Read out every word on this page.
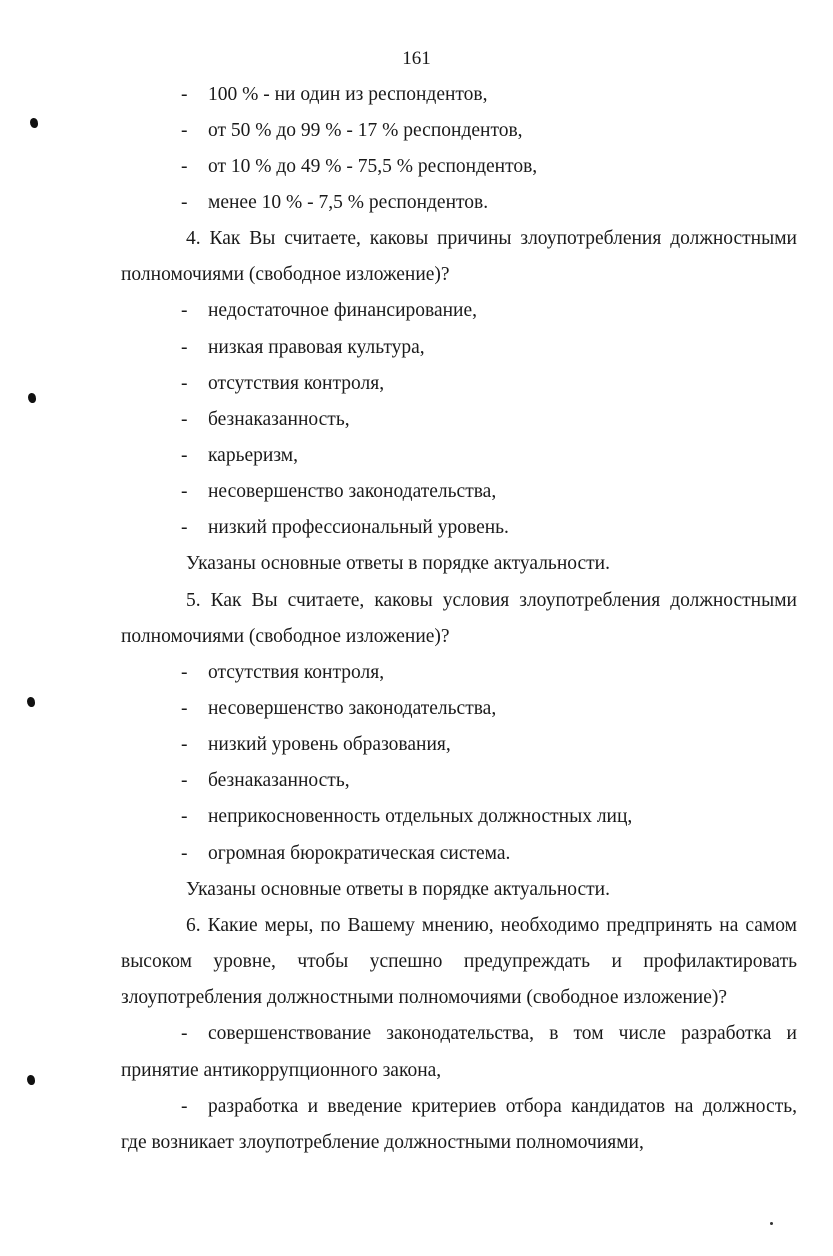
161
- 100 % - ни один из респондентов,
- от 50 % до 99 % - 17 % респондентов,
- от 10 % до 49 % - 75,5 % респондентов,
- менее 10 % - 7,5 % респондентов.
4. Как Вы считаете, каковы причины злоупотребления должностными
полномочиями (свободное изложение)?
- недостаточное финансирование,
- низкая правовая культура,
- отсутствия контроля,
- безнаказанность,
- карьеризм,
- несовершенство законодательства,
- низкий профессиональный уровень.
Указаны основные ответы в порядке актуальности.
5. Как Вы считаете, каковы условия злоупотребления должностными
полномочиями (свободное изложение)?
- отсутствия контроля,
- несовершенство законодательства,
- низкий уровень образования,
- безнаказанность,
- неприкосновенность отдельных должностных лиц,
- огромная бюрократическая система.
Указаны основные ответы в порядке актуальности.
6. Какие меры, по Вашему мнению, необходимо предпринять на самом
высоком уровне, чтобы успешно предупреждать и профилактировать
злоупотребления должностными полномочиями (свободное изложение)?
- совершенствование законодательства, в том числе разработка и
принятие антикоррупционного закона,
- разработка и введение критериев отбора кандидатов на должность,
где возникает злоупотребление должностными полномочиями,
